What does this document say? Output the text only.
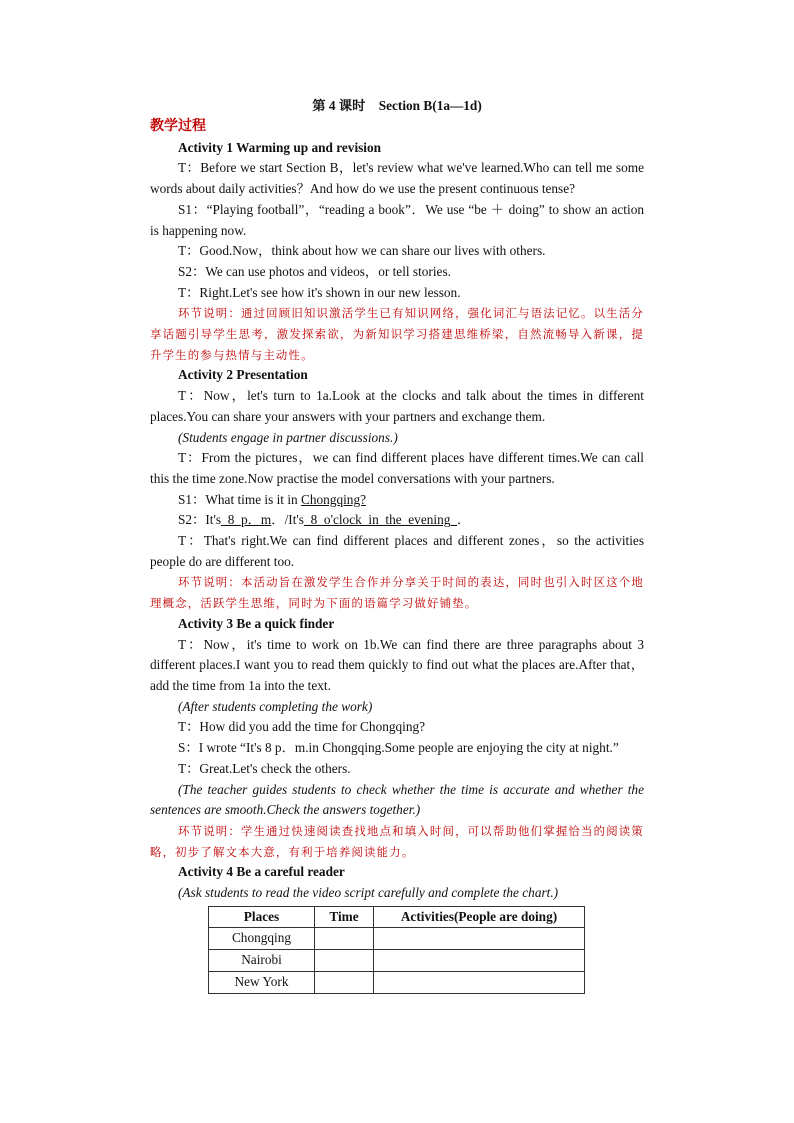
第 4 课时　Section B(1a—1d)
教学过程
Activity 1 Warming up and revision
T：Before we start Section B，let's review what we've learned.Who can tell me some words about daily activities？And how do we use the present continuous tense?
S1：“Playing football”，“reading a book”．We use “be ＋ doing” to show an action is happening now.
T：Good.Now，think about how we can share our lives with others.
S2：We can use photos and videos，or tell stories.
T：Right.Let's see how it's shown in our new lesson.
环节说明：通过回顾旧知识激活学生已有知识网络，强化词汇与语法记忆。以生活分享话题引导学生思考，激发探索欲，为新知识学习搭建思维桥梁，自然流畅导入新课，提升学生的参与热情与主动性。
Activity 2 Presentation
T：Now，let's turn to 1a.Look at the clocks and talk about the times in different places.You can share your answers with your partners and exchange them.
(Students engage in partner discussions.)
T：From the pictures，we can find different places have different times.We can call this the time zone.Now practise the model conversations with your partners.
S1：What time is it in Chongqing?
S2：It's_8_p．m．/It's_8_o'clock_in_the_evening_．
T：That's right.We can find different places and different zones，so the activities people do are different too.
环节说明：本活动旨在激发学生合作并分享关于时间的表达，同时也引入时区这个地理概念，活跃学生思维，同时为下面的语篇学习做好铺垫。
Activity 3 Be a quick finder
T：Now，it's time to work on 1b.We can find there are three paragraphs about 3 different places.I want you to read them quickly to find out what the places are.After that，add the time from 1a into the text.
(After students completing the work)
T：How did you add the time for Chongqing?
S：I wrote “It's 8 p．m.in Chongqing.Some people are enjoying the city at night.”
T：Great.Let's check the others.
(The teacher guides students to check whether the time is accurate and whether the sentences are smooth.Check the answers together.)
环节说明：学生通过快速阅读查找地点和填入时间，可以帮助他们掌握恰当的阅读策略，初步了解文本大意，有利于培养阅读能力。
Activity 4 Be a careful reader
(Ask students to read the video script carefully and complete the chart.)
Places	Time	Activities(People are doing)
Chongqing		
Nairobi		
New York		
